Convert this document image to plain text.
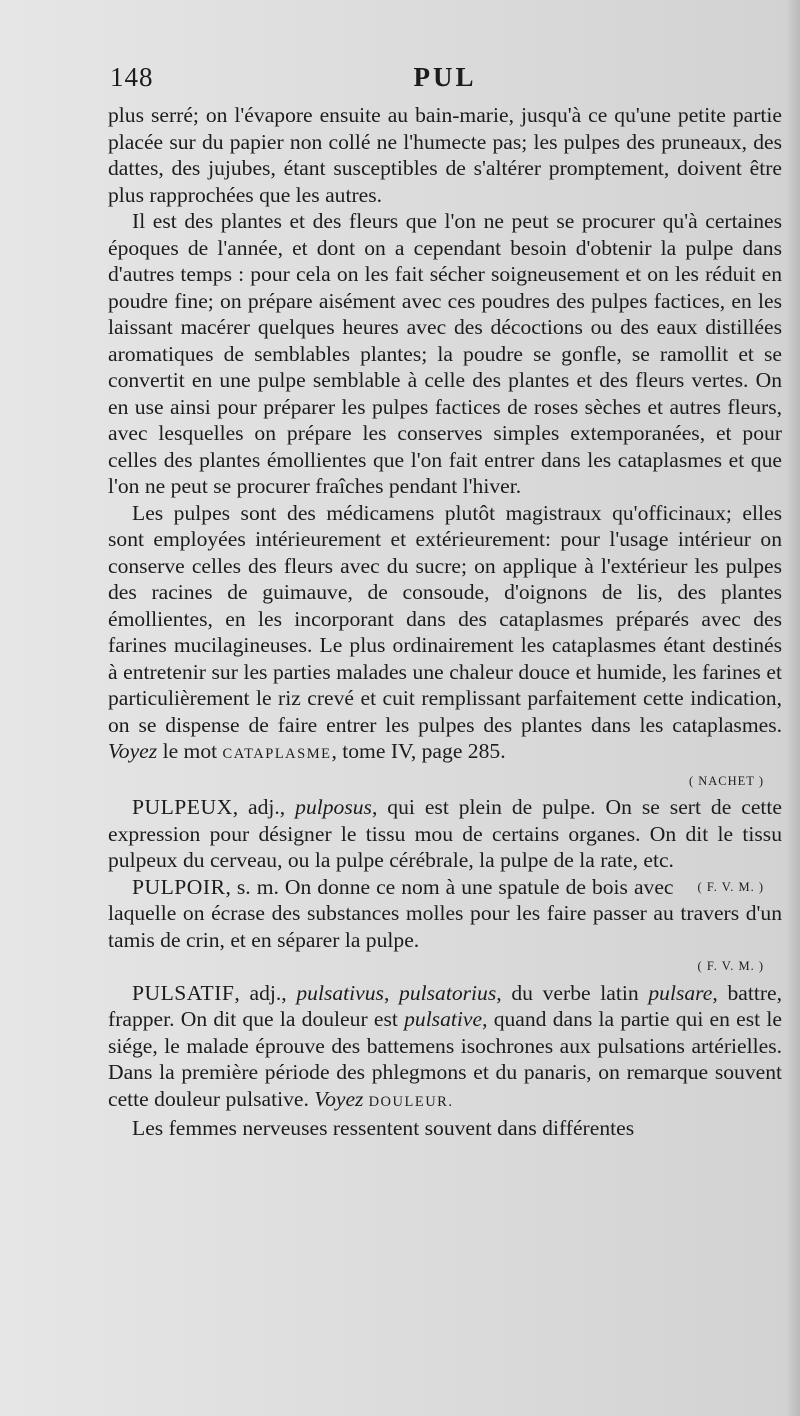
148	PUL

plus serré; on l'évapore ensuite au bain-marie, jusqu'à ce qu'une petite partie placée sur du papier non collé ne l'humecte pas; les pulpes des pruneaux, des dattes, des jujubes, étant susceptibles de s'altérer promptement, doivent être plus rapprochées que les autres.

Il est des plantes et des fleurs que l'on ne peut se procurer qu'à certaines époques de l'année, et dont on a cependant besoin d'obtenir la pulpe dans d'autres temps : pour cela on les fait sécher soigneusement et on les réduit en poudre fine; on prépare aisément avec ces poudres des pulpes factices, en les laissant macérer quelques heures avec des décoctions ou des eaux distillées aromatiques de semblables plantes; la poudre se gonfle, se ramollit et se convertit en une pulpe semblable à celle des plantes et des fleurs vertes. On en use ainsi pour préparer les pulpes factices de roses sèches et autres fleurs, avec lesquelles on prépare les conserves simples extemporanées, et pour celles des plantes émollientes que l'on fait entrer dans les cataplasmes et que l'on ne peut se procurer fraîches pendant l'hiver.

Les pulpes sont des médicamens plutôt magistraux qu'officinaux; elles sont employées intérieurement et extérieurement: pour l'usage intérieur on conserve celles des fleurs avec du sucre; on applique à l'extérieur les pulpes des racines de guimauve, de consoude, d'oignons de lis, des plantes émollientes, en les incorporant dans des cataplasmes préparés avec des farines mucilagineuses. Le plus ordinairement les cataplasmes étant destinés à entretenir sur les parties malades une chaleur douce et humide, les farines et particulièrement le riz crevé et cuit remplissant parfaitement cette indication, on se dispense de faire entrer les pulpes des plantes dans les cataplasmes. Voyez le mot CATAPLASME, tome IV, page 285.

( NACHET )

PULPEUX, adj., pulposus, qui est plein de pulpe. On se sert de cette expression pour désigner le tissu mou de certains organes. On dit le tissu pulpeux du cerveau, ou la pulpe cérébrale, la pulpe de la rate, etc.
( F. V. M. )

PULPOIR, s. m. On donne ce nom à une spatule de bois avec laquelle on écrase des substances molles pour les faire passer au travers d'un tamis de crin, et en séparer la pulpe.

( F. V. M. )

PULSATIF, adj., pulsativus, pulsatorius, du verbe latin pulsare, battre, frapper. On dit que la douleur est pulsative, quand dans la partie qui en est le siége, le malade éprouve des battemens isochrones aux pulsations artérielles. Dans la première période des phlegmons et du panaris, on remarque souvent cette douleur pulsative. Voyez DOULEUR.

Les femmes nerveuses ressentent souvent dans différentes
